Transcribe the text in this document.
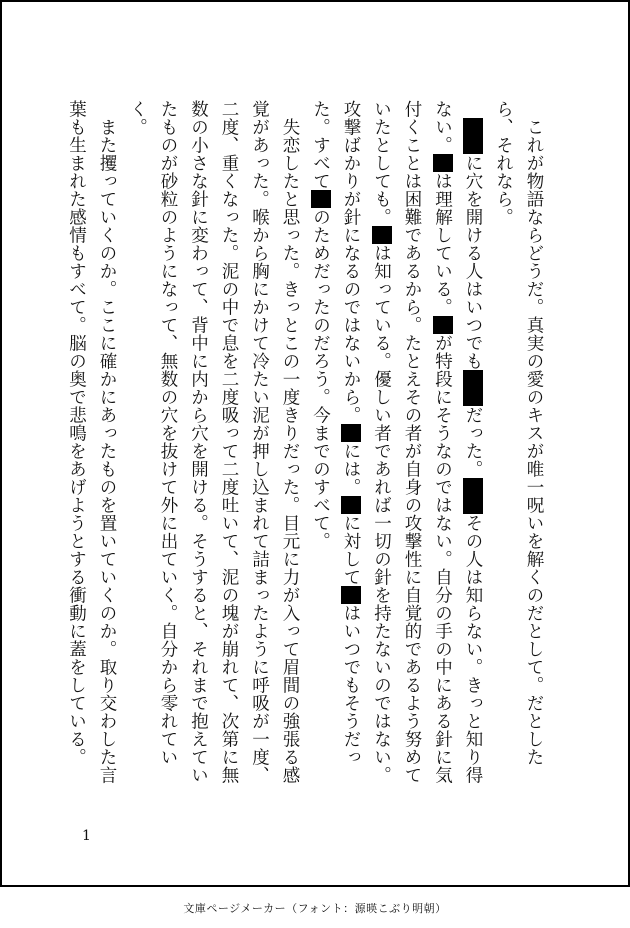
　これが物語ならどうだ。真実の愛のキスが唯一呪いを解くのだとして。だとしたら、それなら。

　＿＿に穴を開ける人はいつでも＿＿だった。＿＿その人は知らない。きっと知り得ない。＿は理解している。＿が特段にそうなのではない。自分の手の中にある針に気付くことは困難であるから。たとえその者が自身の攻撃性に自覚的であるよう努めていたとしても。＿は知っている。優しい者であれば一切の針を持たないのではない。攻撃ばかりが針になるのではないから。＿には。＿に対して＿はいつでもそうだった。すべて＿のためだったのだろう。今までのすべて。

　失恋したと思った。きっとこの一度きりだった。目元に力が入って眉間の強張る感覚があった。喉から胸にかけて冷たい泥が押し込まれて詰まったように呼吸が一度、二度、重くなった。泥の中で息を二度吸って二度吐いて、泥の塊が崩れて、次第に無数の小さな針に変わって、背中に内から穴を開ける。そうすると、それまで抱えていたものが砂粒のようになって、無数の穴を抜けて外に出ていく。自分から零れていく。

　また攫っていくのか。ここに確かにあったものを置いていくのか。取り交わした言葉も生まれた感情もすべて。脳の奥で悲鳴をあげようとする衝動に蓋をしている。

1
文庫ページメーカー（フォント：源暎こぶり明朝）
